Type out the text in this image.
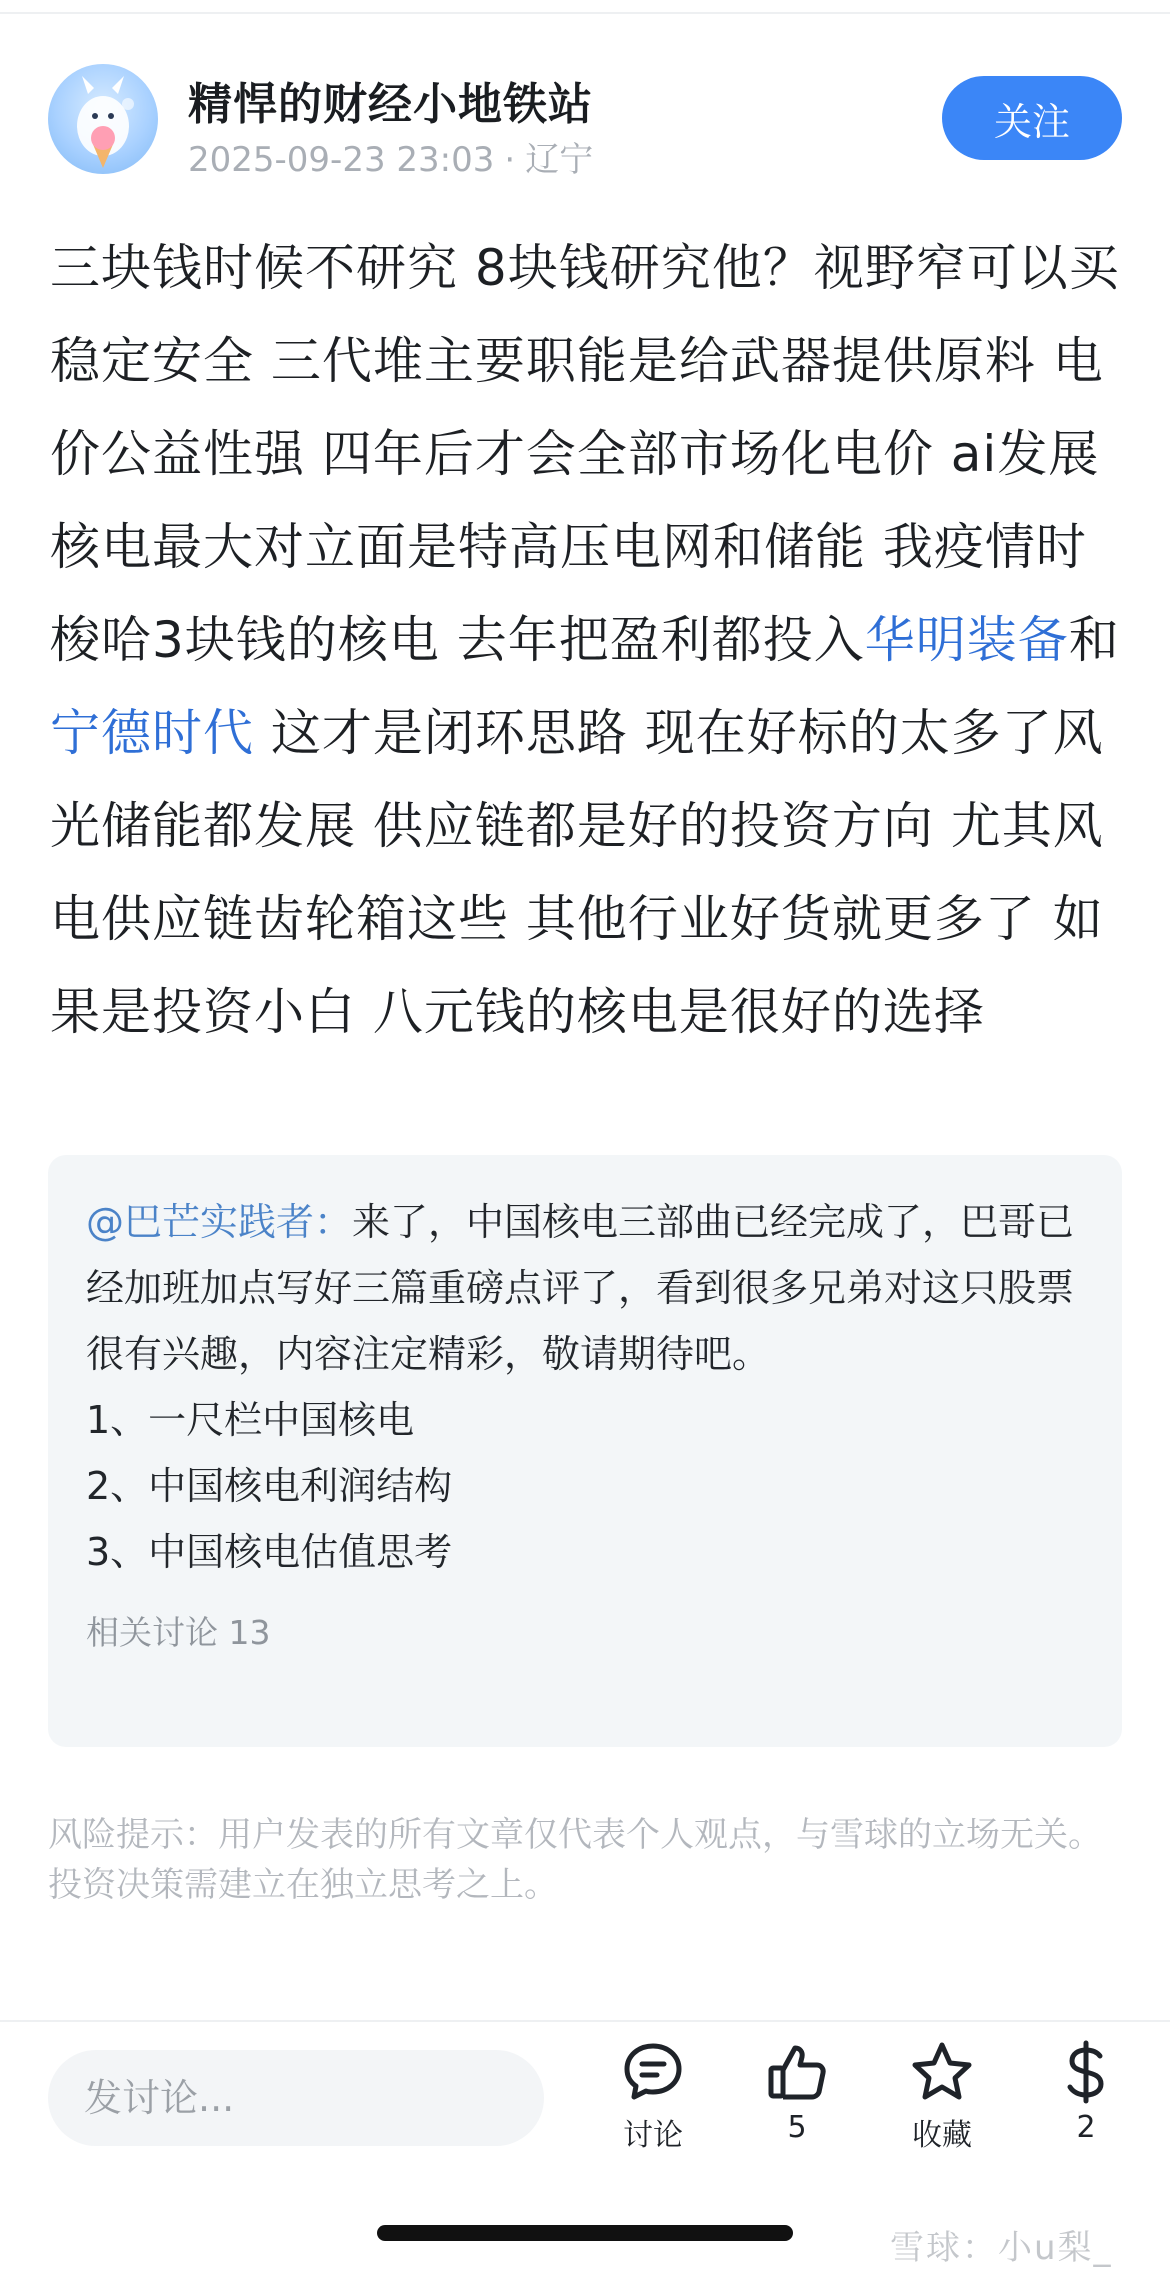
精悍的财经小地铁站
2025-09-23 23:03 · 辽宁
关注
三块钱时候不研究 8块钱研究他？视野窄可以买 稳定安全 三代堆主要职能是给武器提供原料 电价公益性强 四年后才会全部市场化电价 ai发展核电最大对立面是特高压电网和储能 我疫情时梭哈3块钱的核电 去年把盈利都投入华明装备和宁德时代 这才是闭环思路 现在好标的太多了风光储能都发展 供应链都是好的投资方向 尤其风电供应链齿轮箱这些 其他行业好货就更多了 如果是投资小白 八元钱的核电是很好的选择
@巴芒实践者：来了，中国核电三部曲已经完成了，巴哥已经加班加点写好三篇重磅点评了，看到很多兄弟对这只股票很有兴趣，内容注定精彩，敬请期待吧。
1、一尺栏中国核电
2、中国核电利润结构
3、中国核电估值思考
相关讨论 13
风险提示：用户发表的所有文章仅代表个人观点，与雪球的立场无关。投资决策需建立在独立思考之上。
发讨论...
讨论	5	收藏	2
雪球：小u梨_
